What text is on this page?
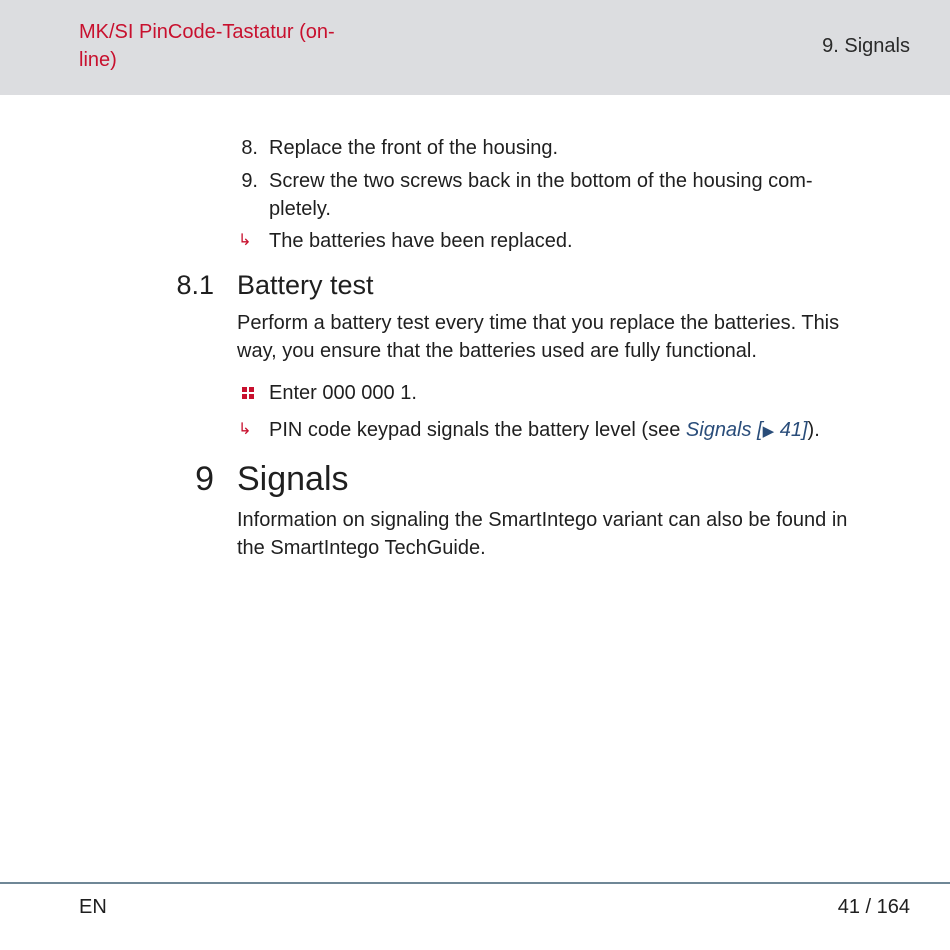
MK/SI PinCode-Tastatur (on-
line)
9. Signals
8. Replace the front of the housing.
9. Screw the two screws back in the bottom of the housing com-
pletely.
↳ The batteries have been replaced.
8.1 Battery test
Perform a battery test every time that you replace the batteries. This
way, you ensure that the batteries used are fully functional.
Enter 000 000 1.
↳ PIN code keypad signals the battery level (see Signals [▶ 41]).
9 Signals
Information on signaling the SmartIntego variant can also be found in
the SmartIntego TechGuide.
EN	41 / 164
